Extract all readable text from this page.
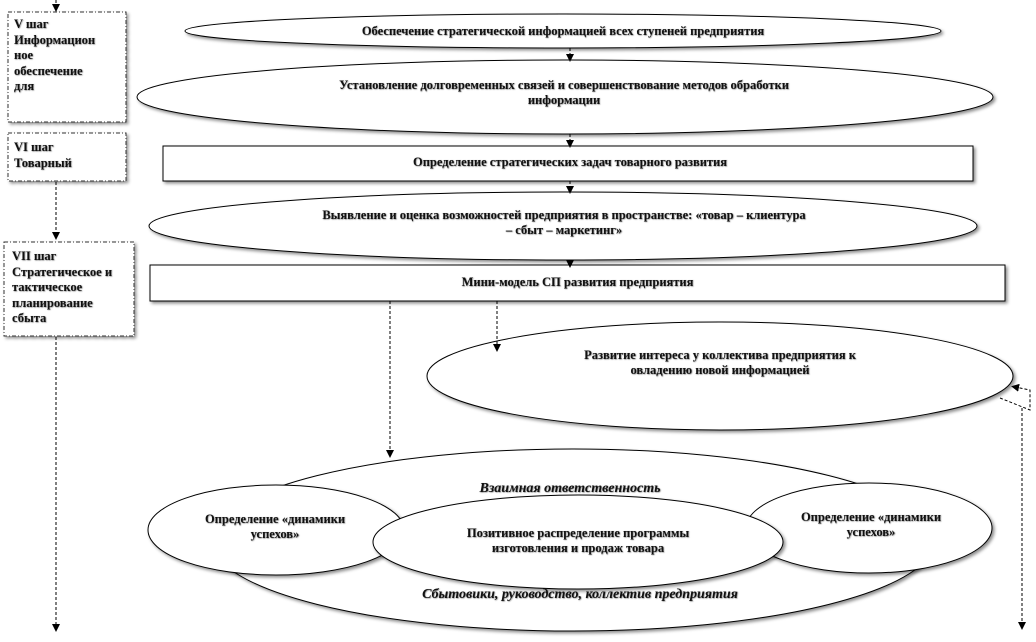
V шаг
Информацион
ное
обеспечение
для
VI шаг
Товарный
VII шаг
Стратегическое и
тактическое
планирование
сбыта
Обеспечение стратегической информацией всех ступеней предприятия
Установление долговременных связей и совершенствование методов обработки
информации
Определение стратегических задач товарного развития
Выявление и оценка возможностей предприятия в пространстве: «товар – клиентура
– сбыт – маркетинг»
Мини-модель СП развития предприятия
Развитие интереса у коллектива предприятия к
овладению новой информацией
Взаимная ответственность
Определение «динамики
успехов»	Позитивное распределение программы
изготовления и продаж товара
Определение «динамики
успехов»
Сбытовики, руководство, коллектив предприятия
